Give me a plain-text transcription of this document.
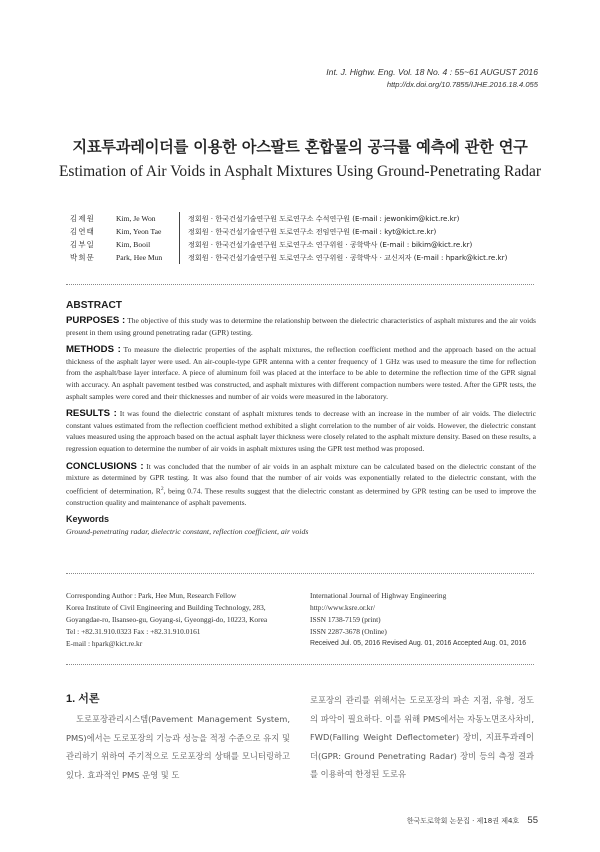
Int. J. Highw. Eng. Vol. 18 No. 4 : 55~61 AUGUST 2016
http://dx.doi.org/10.7855/IJHE.2016.18.4.055
지표투과레이더를 이용한 아스팔트 혼합물의 공극률 예측에 관한 연구
Estimation of Air Voids in Asphalt Mixtures Using Ground-Penetrating Radar
김제원	Kim, Je Won	정회원 · 한국건설기술연구원 도로연구소 수석연구원 (E-mail : jewonkim@kict.re.kr)
김연태	Kim, Yeon Tae	정회원 · 한국건설기술연구원 도로연구소 전임연구원 (E-mail : kyt@kict.re.kr)
김부일	Kim, Booil	정회원 · 한국건설기술연구원 도로연구소 연구위원 · 공학박사 (E-mail : bikim@kict.re.kr)
박희문	Park, Hee Mun	정회원 · 한국건설기술연구원 도로연구소 연구위원 · 공학박사 · 교신저자 (E-mail : hpark@kict.re.kr)
ABSTRACT
PURPOSES : The objective of this study was to determine the relationship between the dielectric characteristics of asphalt mixtures and the air voids present in them using ground penetrating radar (GPR) testing.
METHODS : To measure the dielectric properties of the asphalt mixtures, the reflection coefficient method and the approach based on the actual thickness of the asphalt layer were used. An air-couple-type GPR antenna with a center frequency of 1 GHz was used to measure the time for reflection from the asphalt/base layer interface. A piece of aluminum foil was placed at the interface to be able to determine the reflection time of the GPR signal with accuracy. An asphalt pavement testbed was constructed, and asphalt mixtures with different compaction numbers were tested. After the GPR tests, the asphalt samples were cored and their thicknesses and number of air voids were measured in the laboratory.
RESULTS : It was found the dielectric constant of asphalt mixtures tends to decrease with an increase in the number of air voids. The dielectric constant values estimated from the reflection coefficient method exhibited a slight correlation to the number of air voids. However, the dielectric constant values measured using the approach based on the actual asphalt layer thickness were closely related to the asphalt mixture density. Based on these results, a regression equation to determine the number of air voids in asphalt mixtures using the GPR test method was proposed.
CONCLUSIONS : It was concluded that the number of air voids in an asphalt mixture can be calculated based on the dielectric constant of the mixture as determined by GPR testing. It was also found that the number of air voids was exponentially related to the dielectric constant, with the coefficient of determination, $R^2$, being 0.74. These results suggest that the dielectric constant as determined by GPR testing can be used to improve the construction quality and maintenance of asphalt pavements.
Keywords
Ground-penetrating radar, dielectric constant, reflection coefficient, air voids
Corresponding Author : Park, Hee Mun, Research Fellow
Korea Institute of Civil Engineering and Building Technology, 283,
Goyangdae-ro, Ilsanseo-gu, Goyang-si, Gyeonggi-do, 10223, Korea
Tel : +82.31.910.0323 Fax : +82.31.910.0161
E-mail : hpark@kict.re.kr
International Journal of Highway Engineering
http://www.ksre.or.kr/
ISSN 1738-7159 (print)
ISSN 2287-3678 (Online)
Received Jul. 05, 2016 Revised Aug. 01, 2016 Accepted Aug. 01, 2016
1. 서론
도로포장관리시스템(Pavement Management System, PMS)에서는 도로포장의 기능과 성능을 적정 수준으로 유지 및 관리하기 위하여 주기적으로 도로포장의 상태를 모니터링하고 있다. 효과적인 PMS 운영 및 도
로포장의 관리를 위해서는 도로포장의 파손 지점, 유형, 정도의 파악이 필요하다. 이를 위해 PMS에서는 자동노면조사차비, FWD(Falling Weight Deflectometer) 장비, 지표투과레이더(GPR: Ground Penetrating Radar) 장비 등의 측정 결과를 이용하여 한정된 도로유
한국도로학회 논문집 · 제18권 제4호 55
